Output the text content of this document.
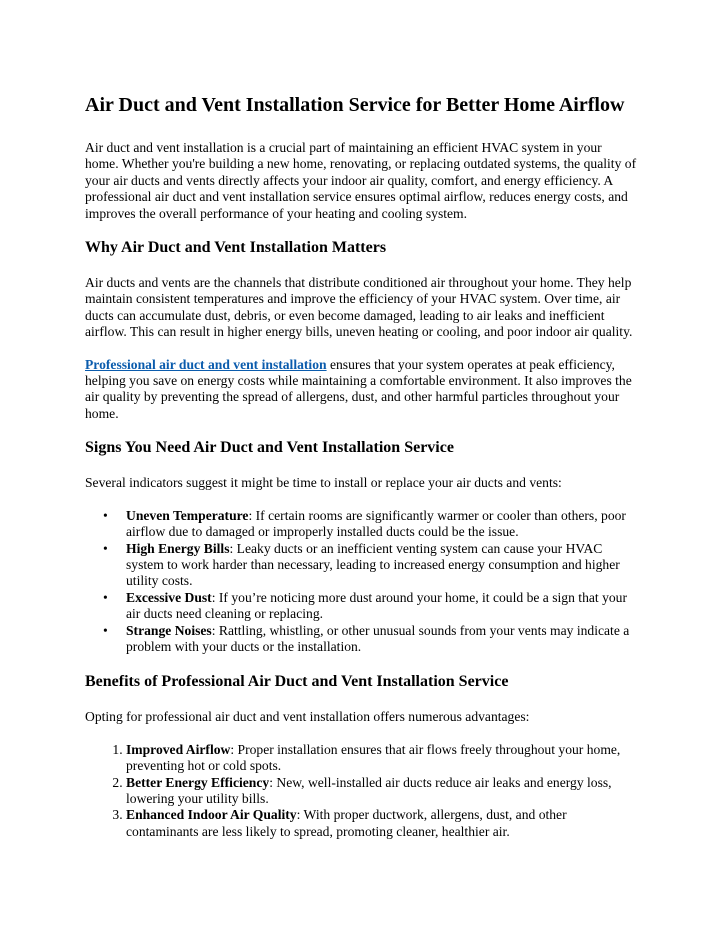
Air Duct and Vent Installation Service for Better Home Airflow

Air duct and vent installation is a crucial part of maintaining an efficient HVAC system in your home. Whether you're building a new home, renovating, or replacing outdated systems, the quality of your air ducts and vents directly affects your indoor air quality, comfort, and energy efficiency. A professional air duct and vent installation service ensures optimal airflow, reduces energy costs, and improves the overall performance of your heating and cooling system.

Why Air Duct and Vent Installation Matters

Air ducts and vents are the channels that distribute conditioned air throughout your home. They help maintain consistent temperatures and improve the efficiency of your HVAC system. Over time, air ducts can accumulate dust, debris, or even become damaged, leading to air leaks and inefficient airflow. This can result in higher energy bills, uneven heating or cooling, and poor indoor air quality.

Professional air duct and vent installation ensures that your system operates at peak efficiency, helping you save on energy costs while maintaining a comfortable environment. It also improves the air quality by preventing the spread of allergens, dust, and other harmful particles throughout your home.

Signs You Need Air Duct and Vent Installation Service

Several indicators suggest it might be time to install or replace your air ducts and vents:

• Uneven Temperature: If certain rooms are significantly warmer or cooler than others, poor airflow due to damaged or improperly installed ducts could be the issue.
• High Energy Bills: Leaky ducts or an inefficient venting system can cause your HVAC system to work harder than necessary, leading to increased energy consumption and higher utility costs.
• Excessive Dust: If you’re noticing more dust around your home, it could be a sign that your air ducts need cleaning or replacing.
• Strange Noises: Rattling, whistling, or other unusual sounds from your vents may indicate a problem with your ducts or the installation.
Benefits of Professional Air Duct and Vent Installation Service

Opting for professional air duct and vent installation offers numerous advantages:

1. Improved Airflow: Proper installation ensures that air flows freely throughout your home, preventing hot or cold spots.
2. Better Energy Efficiency: New, well-installed air ducts reduce air leaks and energy loss, lowering your utility bills.
3. Enhanced Indoor Air Quality: With proper ductwork, allergens, dust, and other contaminants are less likely to spread, promoting cleaner, healthier air.
